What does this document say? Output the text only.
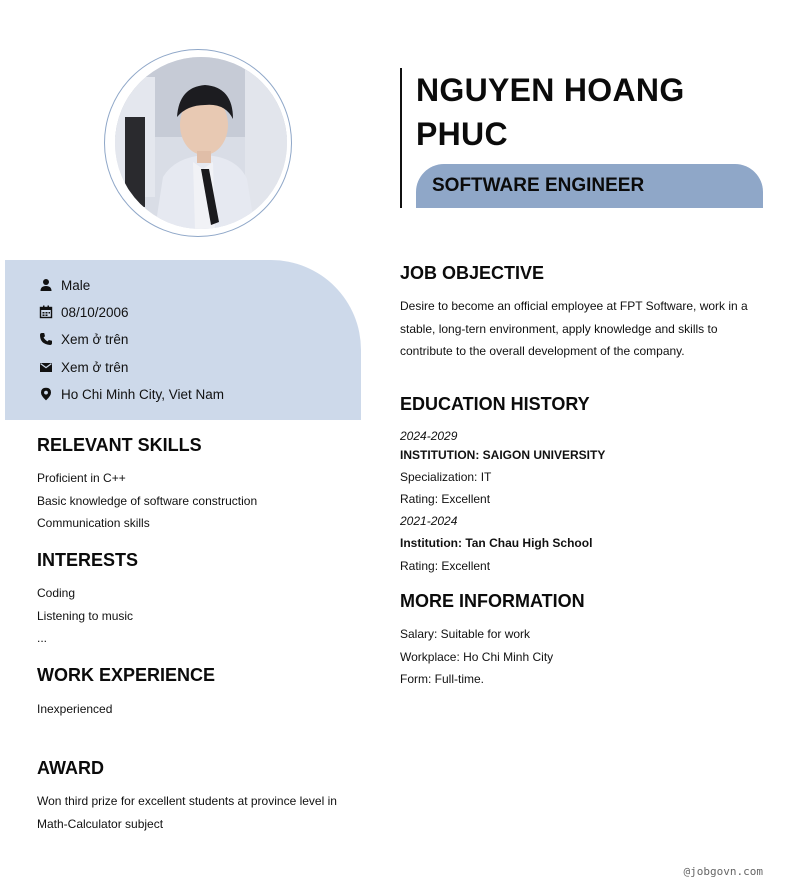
Male
08/10/2006
Xem ở trên
Xem ở trên
Ho Chi Minh City, Viet Nam
RELEVANT SKILLS
Proficient in C++
Basic knowledge of software construction
Communication skills
INTERESTS
Coding
Listening to music
...
WORK EXPERIENCE
Inexperienced
AWARD
Won third prize for excellent students at province level in
Math-Calculator subject
NGUYEN HOANG
PHUC
SOFTWARE ENGINEER
JOB OBJECTIVE
Desire to become an official employee at FPT Software, work in a
stable, long-tern environment, apply knowledge and skills to
contribute to the overall development of the company.
EDUCATION HISTORY
2024-2029
INSTITUTION: SAIGON UNIVERSITY
Specialization: IT
Rating: Excellent
2021-2024
Institution: Tan Chau High School
Rating: Excellent
MORE INFORMATION
Salary: Suitable for work
Workplace: Ho Chi Minh City
Form: Full-time.
@jobgovn.com
